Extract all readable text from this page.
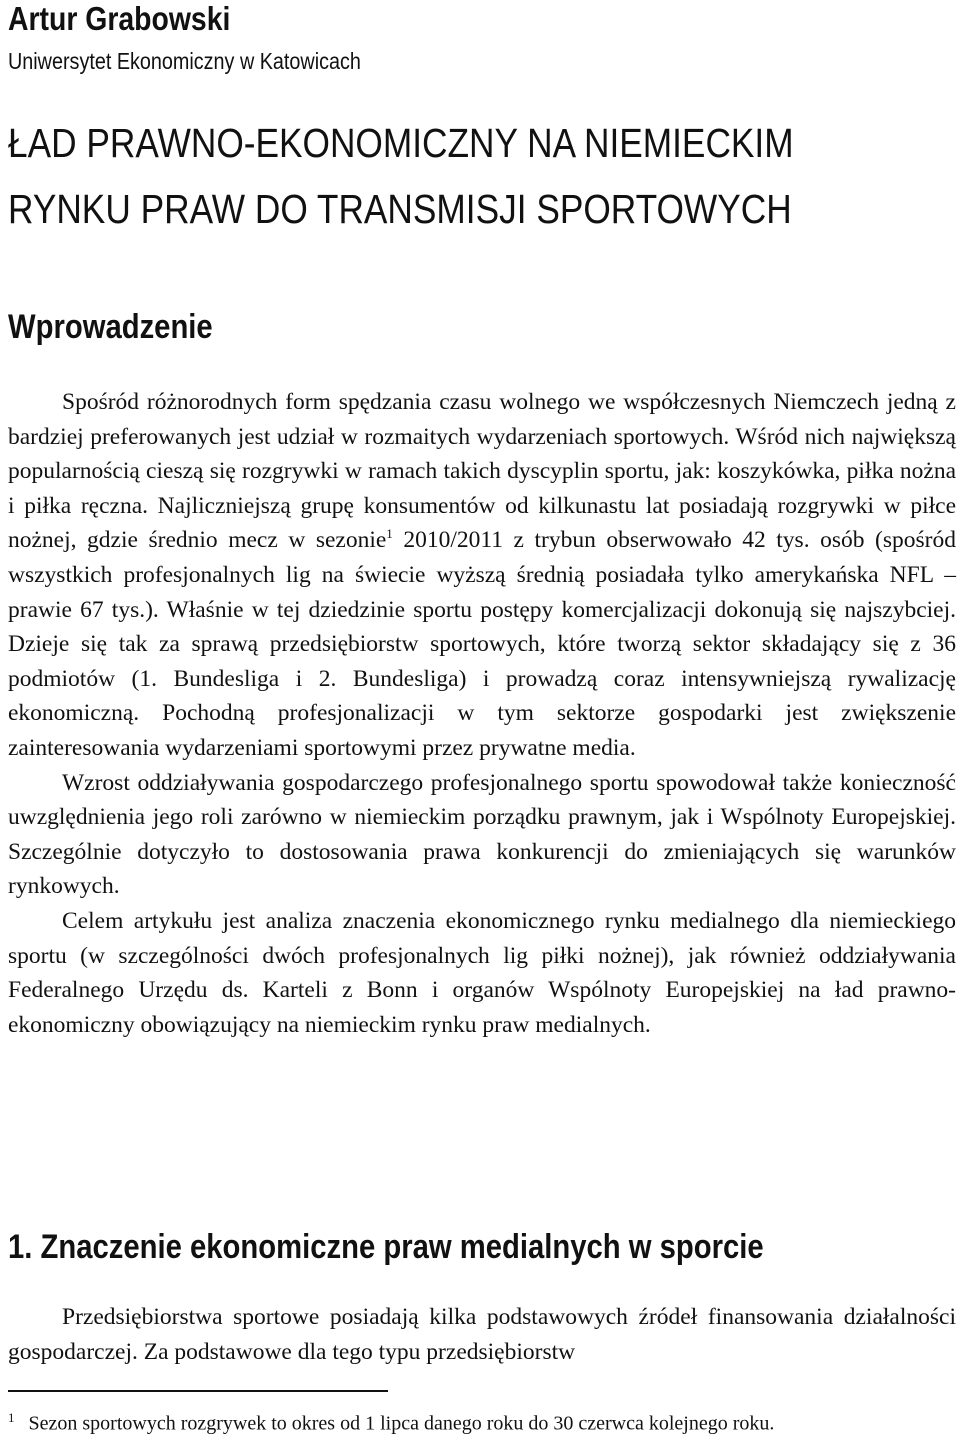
Artur Grabowski
Uniwersytet Ekonomiczny w Katowicach
ŁAD PRAWNO-EKONOMICZNY NA NIEMIECKIM
RYNKU PRAW DO TRANSMISJI SPORTOWYCH
Wprowadzenie

Spośród różnorodnych form spędzania czasu wolnego we współczesnych Niemczech jedną z bardziej preferowanych jest udział w rozmaitych wydarzeniach sportowych. Wśród nich największą popularnością cieszą się rozgrywki w ramach takich dyscyplin sportu, jak: koszykówka, piłka nożna i piłka ręczna. Najliczniejszą grupę konsumentów od kilkunastu lat posiadają rozgrywki w piłce nożnej, gdzie średnio mecz w sezonie$^1$ 2010/2011 z trybun obserwowało 42 tys. osób (spośród wszystkich profesjonalnych lig na świecie wyższą średnią posiadała tylko amerykańska NFL – prawie 67 tys.). Właśnie w tej dziedzinie sportu postępy komercjalizacji dokonują się najszybciej. Dzieje się tak za sprawą przedsiębiorstw sportowych, które tworzą sektor składający się z 36 podmiotów (1. Bundesliga i 2. Bundesliga) i prowadzą coraz intensywniejszą rywalizację ekonomiczną. Pochodną profesjonalizacji w tym sektorze gospodarki jest zwiększenie zainteresowania wydarzeniami sportowymi przez prywatne media.

Wzrost oddziaływania gospodarczego profesjonalnego sportu spowodował także konieczność uwzględnienia jego roli zarówno w niemieckim porządku prawnym, jak i Wspólnoty Europejskiej. Szczególnie dotyczyło to dostosowania prawa konkurencji do zmieniających się warunków rynkowych.

Celem artykułu jest analiza znaczenia ekonomicznego rynku medialnego dla niemieckiego sportu (w szczególności dwóch profesjonalnych lig piłki nożnej), jak również oddziaływania Federalnego Urzędu ds. Karteli z Bonn i organów Wspólnoty Europejskiej na ład prawno-ekonomiczny obowiązujący na niemieckim rynku praw medialnych.

1. Znaczenie ekonomiczne praw medialnych w sporcie

Przedsiębiorstwa sportowe posiadają kilka podstawowych źródeł finansowania działalności gospodarczej. Za podstawowe dla tego typu przedsiębiorstw

$^1$ Sezon sportowych rozgrywek to okres od 1 lipca danego roku do 30 czerwca kolejnego roku.
